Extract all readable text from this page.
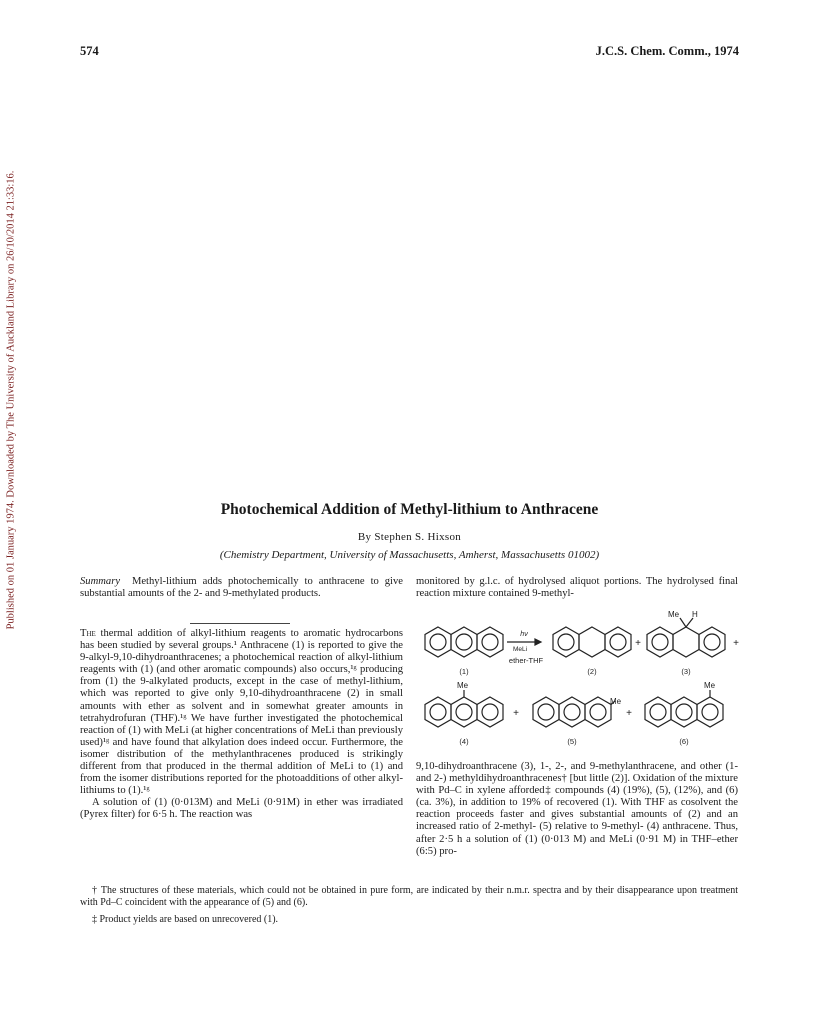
574	J.C.S. Chem. Comm., 1974
Published on 01 January 1974. Downloaded by The University of Auckland Library on 26/10/2014 21:33:16.	Photochemical Addition of Methyl-lithium to Anthracene
By Stephen S. Hixson
(Chemistry Department, University of Massachusetts, Amherst, Massachusetts 01002)

Summary Methyl-lithium adds photochemically to anthracene to give substantial amounts of the 2- and 9-methylated products.

The thermal addition of alkyl-lithium reagents to aromatic hydrocarbons has been studied by several groups.¹ Anthracene (1) is reported to give the 9-alkyl-9,10-dihydroanthracenes; a photochemical reaction of alkyl-lithium reagents with (1) (and other aromatic compounds) also occurs,¹ᵍ producing from (1) the 9-alkylated products, except in the case of methyl-lithium, which was reported to give only 9,10-dihydroanthracene (2) in small amounts with ether as solvent and in somewhat greater amounts in tetrahydrofuran (THF).¹ᵍ We have further investigated the photochemical reaction of (1) with MeLi (at higher concentrations of MeLi than previously used)¹ᵍ and have found that alkylation does indeed occur. Furthermore, the isomer distribution of the methylanthracenes produced is strikingly different from that produced in the thermal addition of MeLi to (1) and from the isomer distributions reported for the photoadditions of other alkyl-lithiums to (1).¹ᵍ

A solution of (1) (0·013M) and MeLi (0·91M) in ether was irradiated (Pyrex filter) for 6·5 h. The reaction was

monitored by g.l.c. of hydrolysed aliquot portions. The hydrolysed final reaction mixture contained 9-methyl-
hν
MeLi
ether-THF
+	+
+	+
Me H
Me
Me
Me
(1)	(2)	(3)
(4)	(5)	(6)
9,10-dihydroanthracene (3), 1-, 2-, and 9-methylanthracene, and other (1- and 2-) methyldihydroanthracenes† [but little (2)]. Oxidation of the mixture with Pd–C in xylene afforded‡ compounds (4) (19%), (5), (12%), and (6) (ca. 3%), in addition to 19% of recovered (1). With THF as cosolvent the reaction proceeds faster and gives substantial amounts of (2) and an increased ratio of 2-methyl- (5) relative to 9-methyl- (4) anthracene. Thus, after 2·5 h a solution of (1) (0·013 M) and MeLi (0·91 M) in THF–ether (6:5) pro-
† The structures of these materials, which could not be obtained in pure form, are indicated by their n.m.r. spectra and by their disappearance upon treatment with Pd–C coincident with the appearance of (5) and (6).
‡ Product yields are based on unrecovered (1).
